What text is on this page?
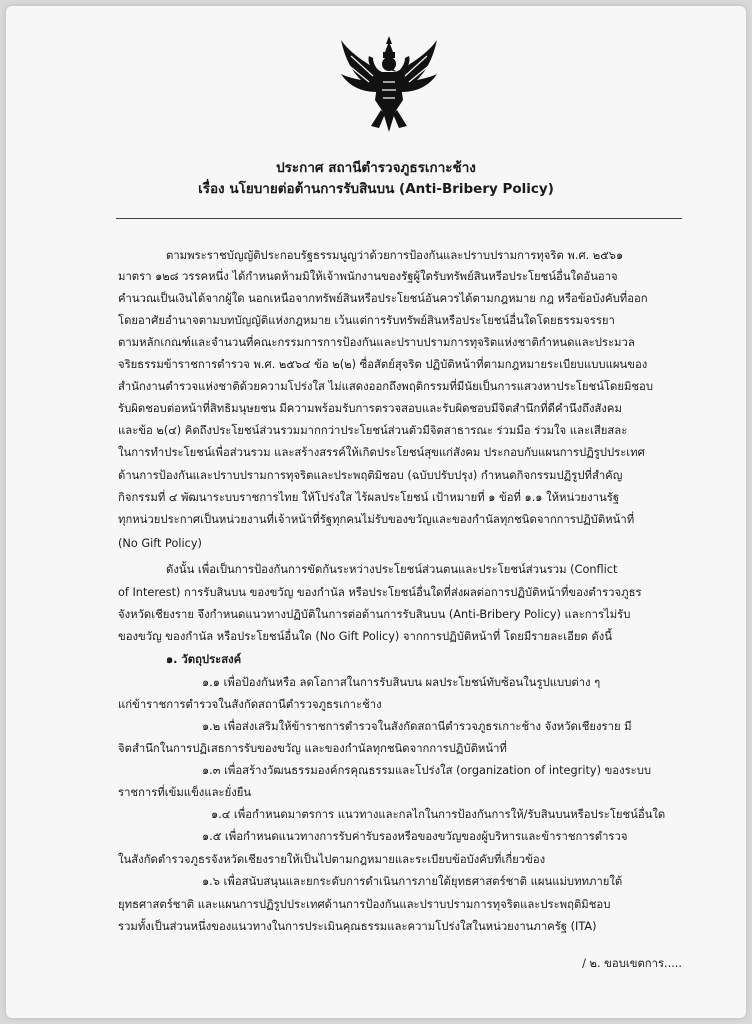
ประกาศ สถานีตำรวจภูธรเกาะช้าง
เรื่อง นโยบายต่อต้านการรับสินบน (Anti-Bribery Policy)
ตามพระราชบัญญัติประกอบรัฐธรรมนูญว่าด้วยการป้องกันและปราบปรามการทุจริต พ.ศ. ๒๕๖๑
มาตรา ๑๒๘ วรรคหนึ่ง ได้กำหนดห้ามมิให้เจ้าพนักงานของรัฐผู้ใดรับทรัพย์สินหรือประโยชน์อื่นใดอันอาจ
คำนวณเป็นเงินได้จากผู้ใด นอกเหนือจากทรัพย์สินหรือประโยชน์อันควรได้ตามกฎหมาย กฎ หรือข้อบังคับที่ออก
โดยอาศัยอำนาจตามบทบัญญัติแห่งกฎหมาย เว้นแต่การรับทรัพย์สินหรือประโยชน์อื่นใดโดยธรรมจรรยา
ตามหลักเกณฑ์และจำนวนที่คณะกรรมการการป้องกันและปราบปรามการทุจริตแห่งชาติกำหนดและประมวล
จริยธรรมข้าราชการตำรวจ พ.ศ. ๒๕๖๔ ข้อ ๒(๒) ซื่อสัตย์สุจริต ปฏิบัติหน้าที่ตามกฎหมายระเบียบแบบแผนของ
สำนักงานตำรวจแห่งชาติด้วยความโปร่งใส ไม่แสดงออกถึงพฤติกรรมที่มีนัยเป็นการแสวงหาประโยชน์โดยมิชอบ
รับผิดชอบต่อหน้าที่สิทธิมนุษยชน มีความพร้อมรับการตรวจสอบและรับผิดชอบมีจิตสำนึกที่ดีคำนึงถึงสังคม
และข้อ ๒(๔) คิดถึงประโยชน์ส่วนรวมมากกว่าประโยชน์ส่วนตัวมีจิตสาธารณะ ร่วมมือ ร่วมใจ และเสียสละ
ในการทำประโยชน์เพื่อส่วนรวม และสร้างสรรค์ให้เกิดประโยชน์สุขแก่สังคม ประกอบกับแผนการปฏิรูปประเทศ
ด้านการป้องกันและปราบปรามการทุจริตและประพฤติมิชอบ (ฉบับปรับปรุง) กำหนดกิจกรรมปฏิรูปที่สำคัญ
กิจกรรมที่ ๔ พัฒนาระบบราชการไทย ให้โปร่งใส ไร้ผลประโยชน์ เป้าหมายที่ ๑ ข้อที่ ๑.๑ ให้หน่วยงานรัฐ
ทุกหน่วยประกาศเป็นหน่วยงานที่เจ้าหน้าที่รัฐทุกคนไม่รับของขวัญและของกำนัลทุกชนิดจากการปฏิบัติหน้าที่
(No Gift Policy)
ดังนั้น เพื่อเป็นการป้องกันการขัดกันระหว่างประโยชน์ส่วนตนและประโยชน์ส่วนรวม (Conflict
of Interest) การรับสินบน ของขวัญ ของกำนัล หรือประโยชน์อื่นใดที่ส่งผลต่อการปฏิบัติหน้าที่ของตำรวจภูธร
จังหวัดเชียงราย จึงกำหนดแนวทางปฏิบัติในการต่อต้านการรับสินบน (Anti-Bribery Policy) และการไม่รับ
ของขวัญ ของกำนัล หรือประโยชน์อื่นใด (No Gift Policy) จากการปฏิบัติหน้าที่ โดยมีรายละเอียด ดังนี้
๑. วัตถุประสงค์
๑.๑ เพื่อป้องกันหรือ ลดโอกาสในการรับสินบน ผลประโยชน์ทับซ้อนในรูปแบบต่าง ๆ
แก่ข้าราชการตำรวจในสังกัดสถานีตำรวจภูธรเกาะช้าง
๑.๒ เพื่อส่งเสริมให้ข้าราชการตำรวจในสังกัดสถานีตำรวจภูธรเกาะช้าง จังหวัดเชียงราย มี
จิตสำนึกในการปฏิเสธการรับของขวัญ และของกำนัลทุกชนิดจากการปฏิบัติหน้าที่
๑.๓ เพื่อสร้างวัฒนธรรมองค์กรคุณธรรมและโปร่งใส (organization of integrity) ของระบบ
ราชการที่เข้มแข็งและยั่งยืน
๑.๔ เพื่อกำหนดมาตรการ แนวทางและกลไกในการป้องกันการให้/รับสินบนหรือประโยชน์อื่นใด
๑.๕ เพื่อกำหนดแนวทางการรับค่ารับรองหรือของขวัญของผู้บริหารและข้าราชการตำรวจ
ในสังกัดตำรวจภูธรจังหวัดเชียงรายให้เป็นไปตามกฎหมายและระเบียบข้อบังคับที่เกี่ยวข้อง
๑.๖ เพื่อสนับสนุนและยกระดับการดำเนินการภายใต้ยุทธศาสตร์ชาติ แผนแม่บททภายใต้
ยุทธศาสตร์ชาติ และแผนการปฏิรูปประเทศด้านการป้องกันและปราบปรามการทุจริตและประพฤติมิชอบ
รวมทั้งเป็นส่วนหนึ่งของแนวทางในการประเมินคุณธรรมและความโปร่งใสในหน่วยงานภาครัฐ (ITA)
/ ๒. ขอบเขตการ.....
